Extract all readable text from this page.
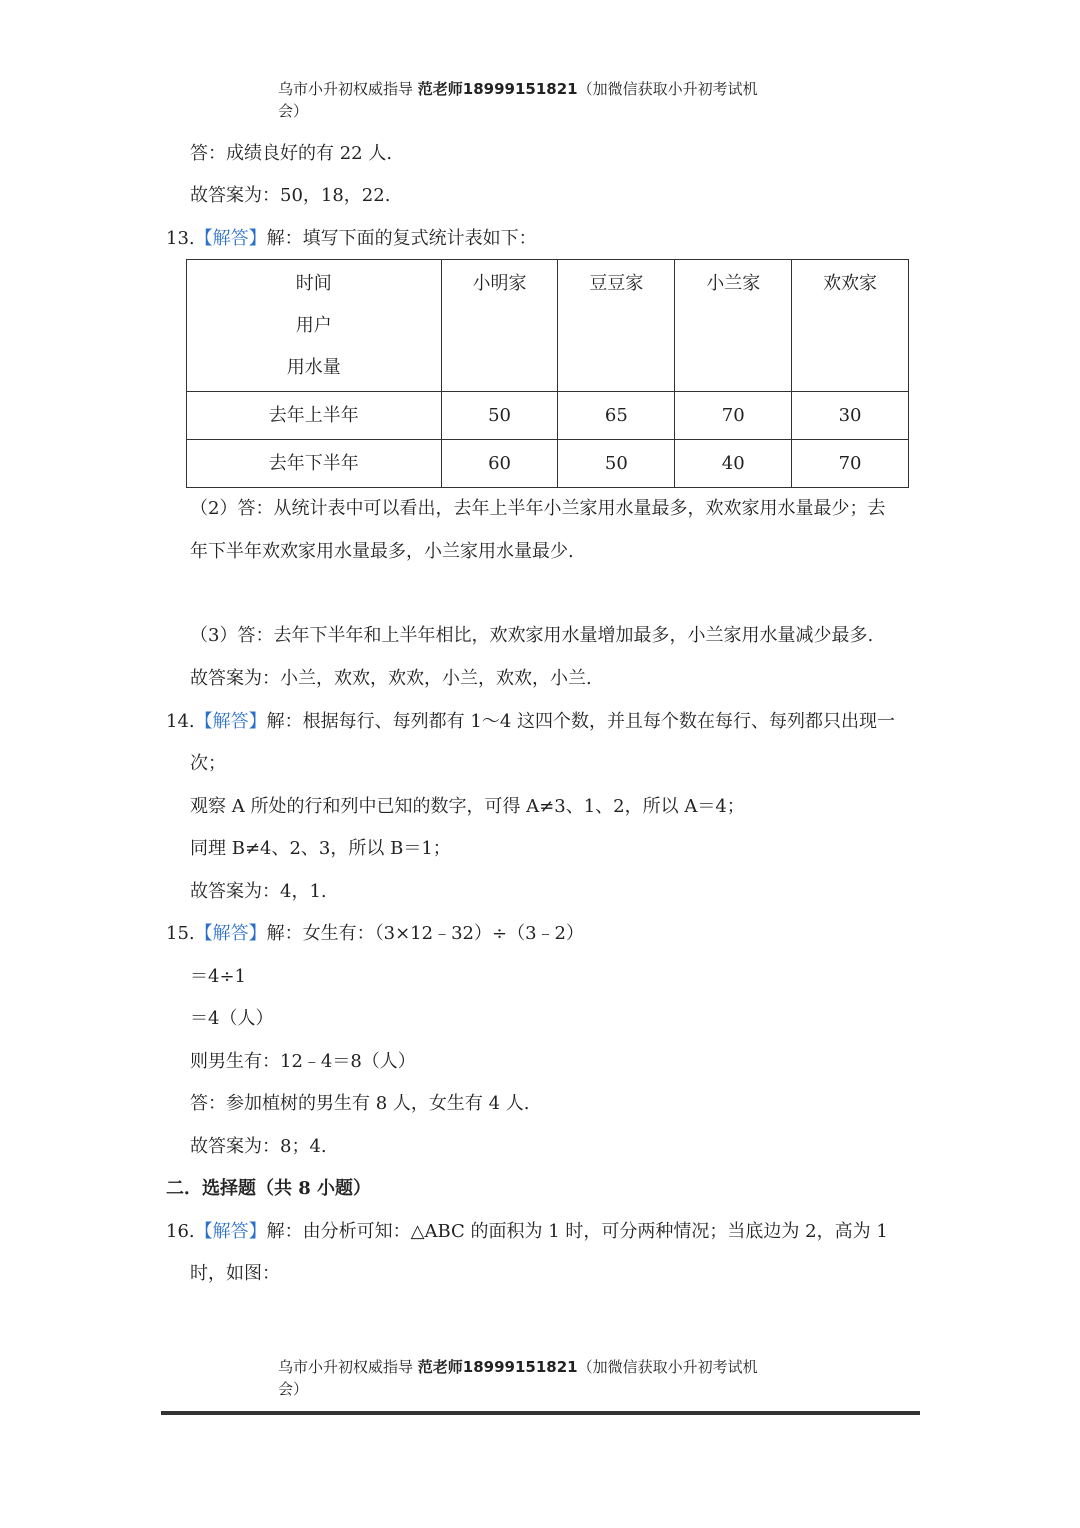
乌市小升初权威指导 范老师18999151821（加微信获取小升初考试机
会）
答：成绩良好的有 22 人.
故答案为：50，18，22.
13.【解答】解：填写下面的复式统计表如下：
时间
用户
用水量	小明家	豆豆家	小兰家	欢欢家

去年上半年	50	65	70	30
去年下半年	60	50	40	70
（2）答：从统计表中可以看出，去年上半年小兰家用水量最多，欢欢家用水量最少；去
年下半年欢欢家用水量最多，小兰家用水量最少.
（3）答：去年下半年和上半年相比，欢欢家用水量增加最多，小兰家用水量减少最多.
故答案为：小兰，欢欢，欢欢，小兰，欢欢，小兰.
14.【解答】解：根据每行、每列都有 1～4 这四个数，并且每个数在每行、每列都只出现一
次；
观察 A 所处的行和列中已知的数字，可得 A≠3、1、2，所以 A＝4；
同理 B≠4、2、3，所以 B＝1；
故答案为：4，1.
15.【解答】解：女生有：（3×12﹣32）÷（3﹣2）
＝4÷1
＝4（人）
则男生有：12﹣4＝8（人）
答：参加植树的男生有 8 人，女生有 4 人.
故答案为：8；4.
二．选择题（共 8 小题）
16.【解答】解：由分析可知：△ABC 的面积为 1 时，可分两种情况；当底边为 2，高为 1
时，如图：
乌市小升初权威指导 范老师18999151821（加微信获取小升初考试机
会）
